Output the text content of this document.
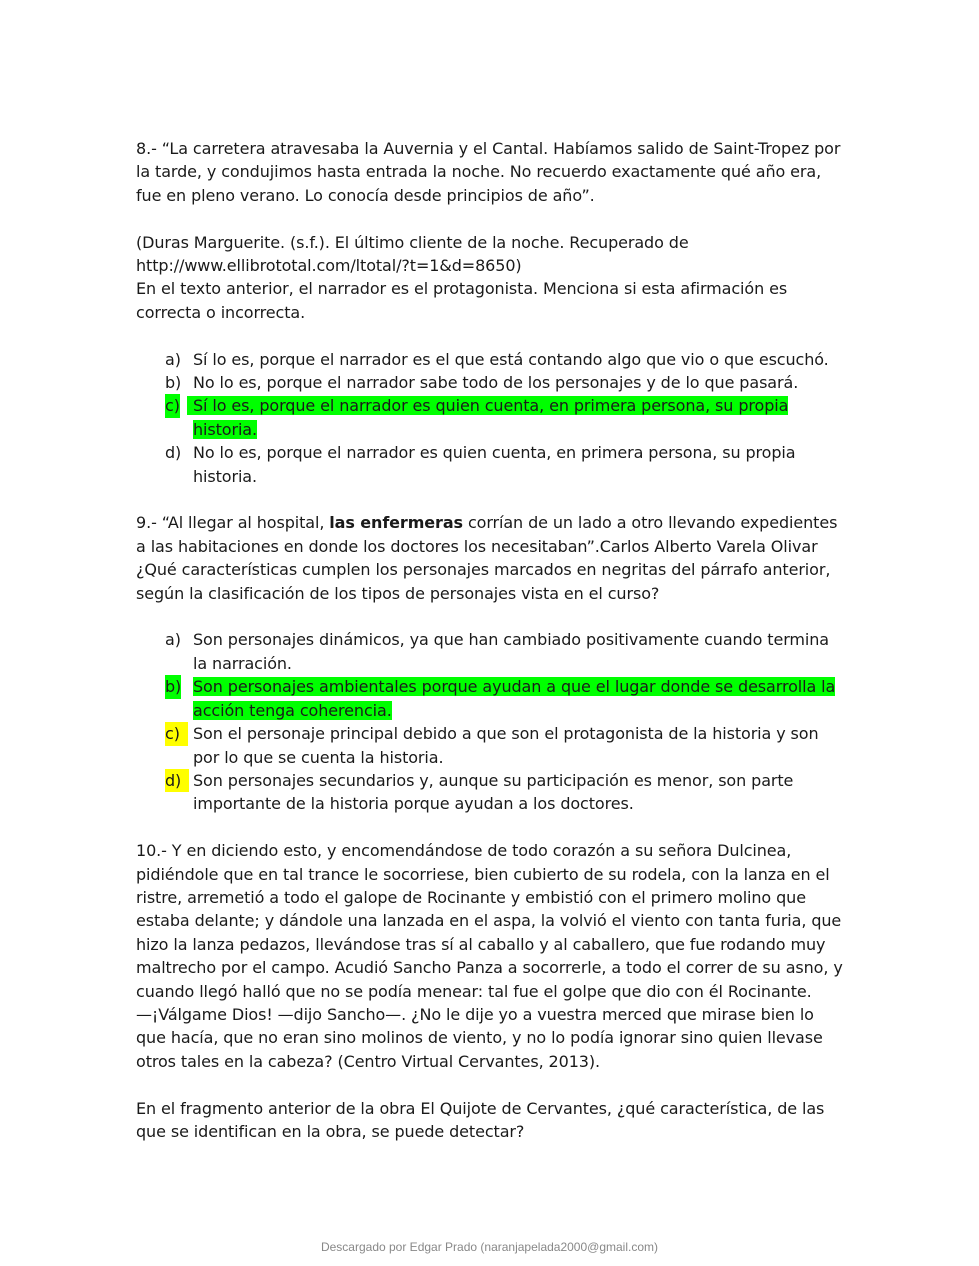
8.- “La carretera atravesaba la Auvernia y el Cantal. Habíamos salido de Saint-Tropez por la tarde, y condujimos hasta entrada la noche. No recuerdo exactamente qué año era, fue en pleno verano. Lo conocía desde principios de año”.

(Duras Marguerite. (s.f.). El último cliente de la noche. Recuperado de http://www.ellibrototal.com/ltotal/?t=1&d=8650)

En el texto anterior, el narrador es el protagonista. Menciona si esta afirmación es correcta o incorrecta.

a) Sí lo es, porque el narrador es el que está contando algo que vio o que escuchó.
b) No lo es, porque el narrador sabe todo de los personajes y de lo que pasará.
c) Sí lo es, porque el narrador es quien cuenta, en primera persona, su propia historia.
d) No lo es, porque el narrador es quien cuenta, en primera persona, su propia historia.

9.- “Al llegar al hospital, las enfermeras corrían de un lado a otro llevando expedientes a las habitaciones en donde los doctores los necesitaban”.Carlos Alberto Varela Olivar

¿Qué características cumplen los personajes marcados en negritas del párrafo anterior, según la clasificación de los tipos de personajes vista en el curso?

a) Son personajes dinámicos, ya que han cambiado positivamente cuando termina la narración.
b) Son personajes ambientales porque ayudan a que el lugar donde se desarrolla la acción tenga coherencia.
c) Son el personaje principal debido a que son el protagonista de la historia y son por lo que se cuenta la historia.
d) Son personajes secundarios y, aunque su participación es menor, son parte importante de la historia porque ayudan a los doctores.

10.- Y en diciendo esto, y encomendándose de todo corazón a su señora Dulcinea, pidiéndole que en tal trance le socorriese, bien cubierto de su rodela, con la lanza en el ristre, arremetió a todo el galope de Rocinante y embistió con el primero molino que estaba delante; y dándole una lanzada en el aspa, la volvió el viento con tanta furia, que hizo la lanza pedazos, llevándose tras sí al caballo y al caballero, que fue rodando muy maltrecho por el campo. Acudió Sancho Panza a socorrerle, a todo el correr de su asno, y cuando llegó halló que no se podía menear: tal fue el golpe que dio con él Rocinante.

—¡Válgame Dios! —dijo Sancho—. ¿No le dije yo a vuestra merced que mirase bien lo que hacía, que no eran sino molinos de viento, y no lo podía ignorar sino quien llevase otros tales en la cabeza? (Centro Virtual Cervantes, 2013).

En el fragmento anterior de la obra El Quijote de Cervantes, ¿qué característica, de las que se identifican en la obra, se puede detectar?

Descargado por Edgar Prado (naranjapelada2000@gmail.com)
